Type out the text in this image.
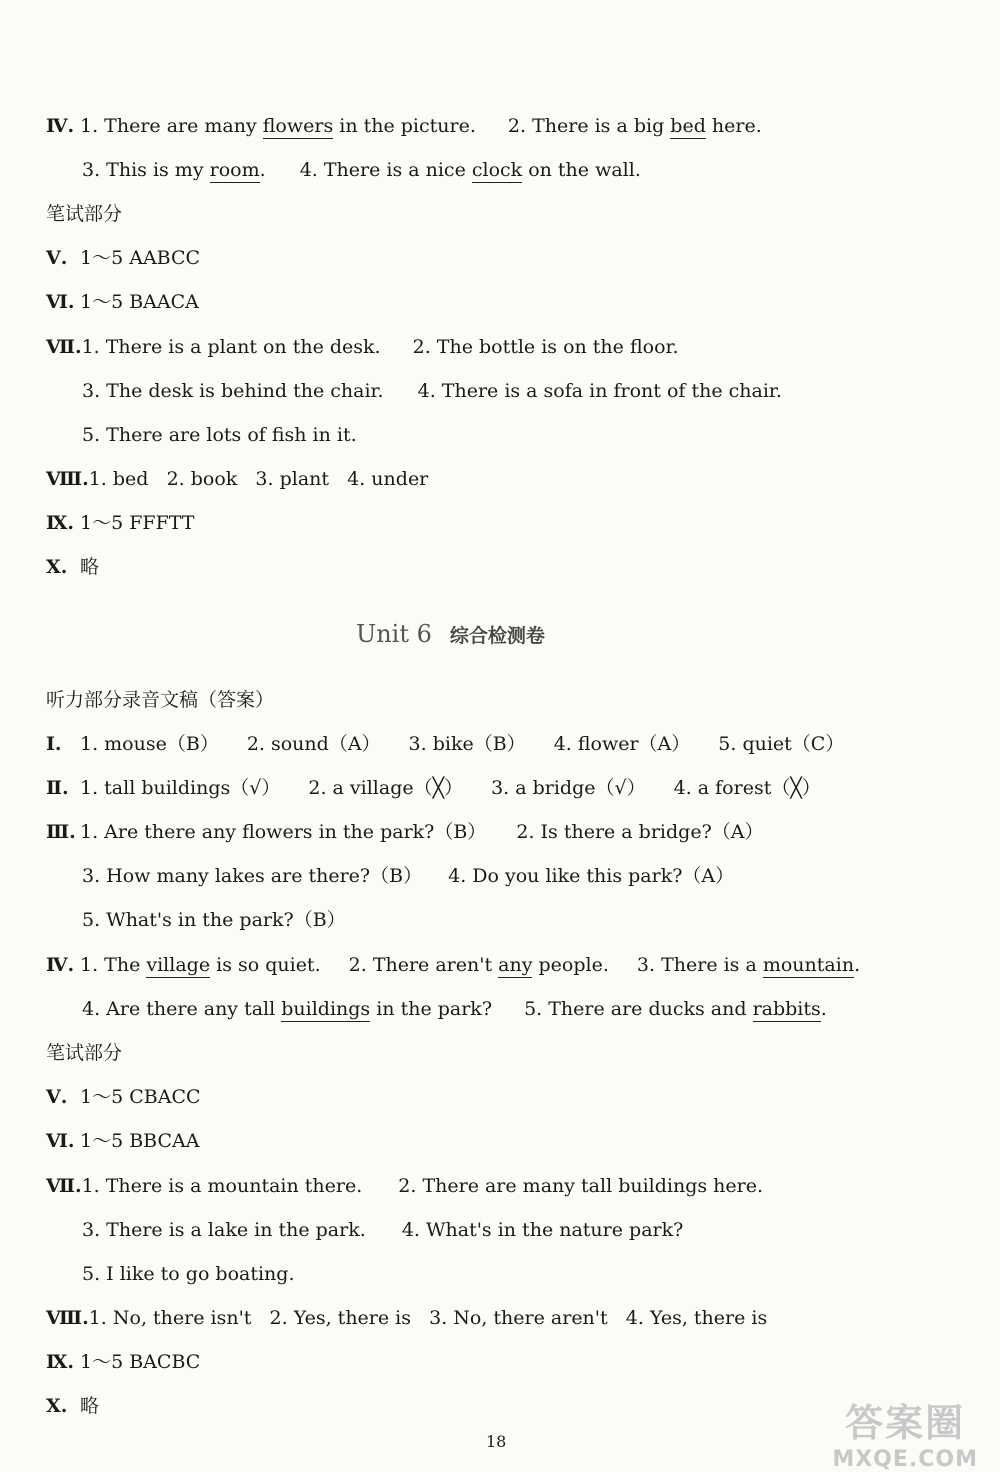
Ⅳ. 1. There are many flowers in the picture. 2. There is a big bed here.
3. This is my room. 4. There is a nice clock on the wall.
笔试部分
Ⅴ. 1～5 AABCC
Ⅵ. 1～5 BAACA
Ⅶ.1. There is a plant on the desk. 2. The bottle is on the floor.
3. The desk is behind the chair. 4. There is a sofa in front of the chair.
5. There are lots of fish in it.
Ⅷ.1. bed   2. book   3. plant   4. under
Ⅸ. 1～5 FFFTT
Ⅹ. 略
Unit 6 综合检测卷
听力部分录音文稿（答案）
Ⅰ. 1. mouse（B） 2. sound（A） 3. bike（B） 4. flower（A） 5. quiet（C）
Ⅱ. 1. tall buildings（√） 2. a village（╳） 3. a bridge（√） 4. a forest（╳）
Ⅲ. 1. Are there any flowers in the park?（B） 2. Is there a bridge?（A）
3. How many lakes are there?（B） 4. Do you like this park?（A）
5. What's in the park?（B）
Ⅳ. 1. The village is so quiet. 2. There aren't any people. 3. There is a mountain.
4. Are there any tall buildings in the park? 5. There are ducks and rabbits.
笔试部分
Ⅴ. 1～5 CBACC
Ⅵ. 1～5 BBCAA
Ⅶ.1. There is a mountain there. 2. There are many tall buildings here.
3. There is a lake in the park. 4. What's in the nature park?
5. I like to go boating.
Ⅷ.1. No, there isn't   2. Yes, there is   3. No, there aren't   4. Yes, there is
Ⅸ. 1～5 BACBC
Ⅹ. 略
18	答案圈
MXQE.COM
